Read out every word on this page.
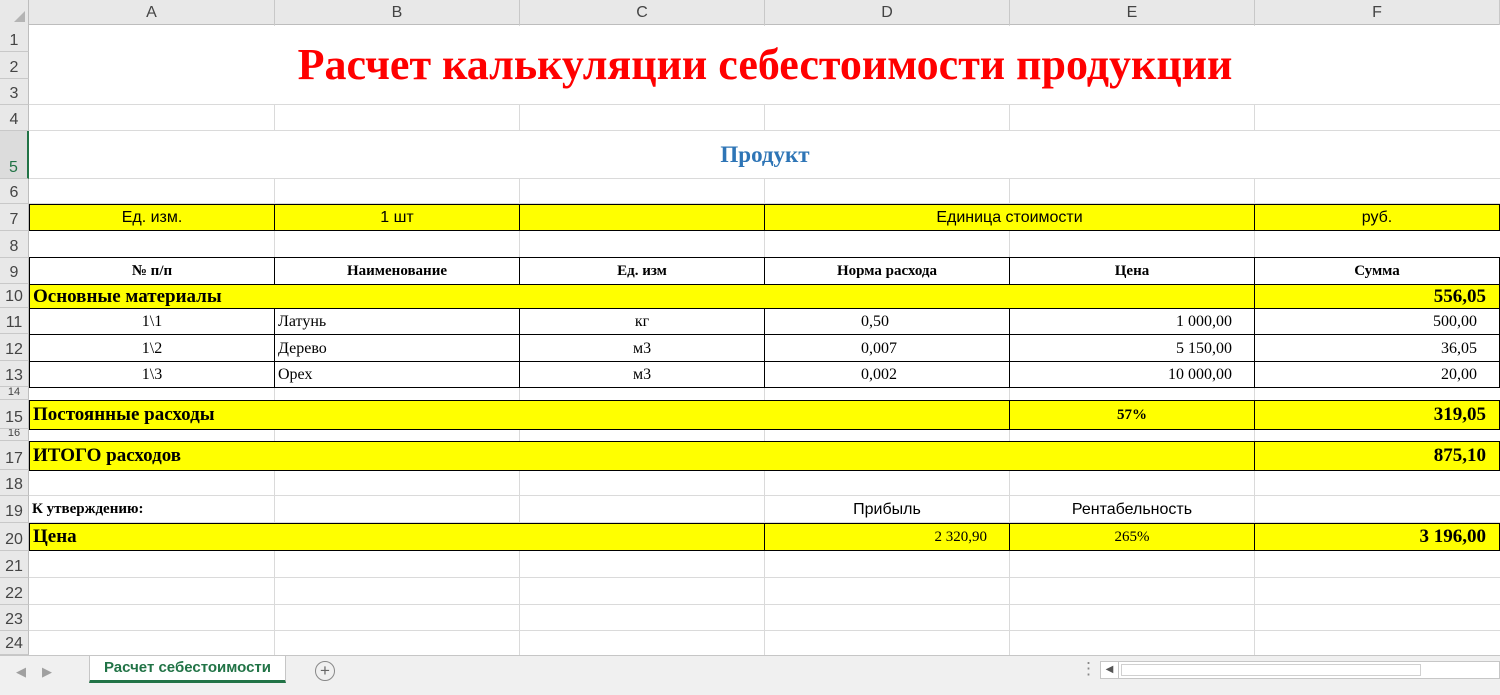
A	B	C	D	E	F
1
2
3
4
5
6
7
8
9
10
11
12
13
14
15
16
17
18
19
20
21
22
23
24
Расчет калькуляции себестоимости продукции
Продукт
Ед. изм.	1 шт	Единица стоимости	руб.
№ п/п	Наименование	Ед. изм	Норма расхода	Цена	Сумма
Основные материалы	556,05
1\1	Латунь	кг	0,50	1 000,00	500,00
1\2	Дерево	м3	0,007	5 150,00	36,05
1\3	Орех	м3	0,002	10 000,00	20,00
Постоянные расходы	57%	319,05
ИТОГО расходов	875,10
К утверждению:	Прибыль	Рентабельность
Цена	2 320,90	265%	3 196,00
◀ ▶	Расчет себестоимости	+	⋮ ◀
